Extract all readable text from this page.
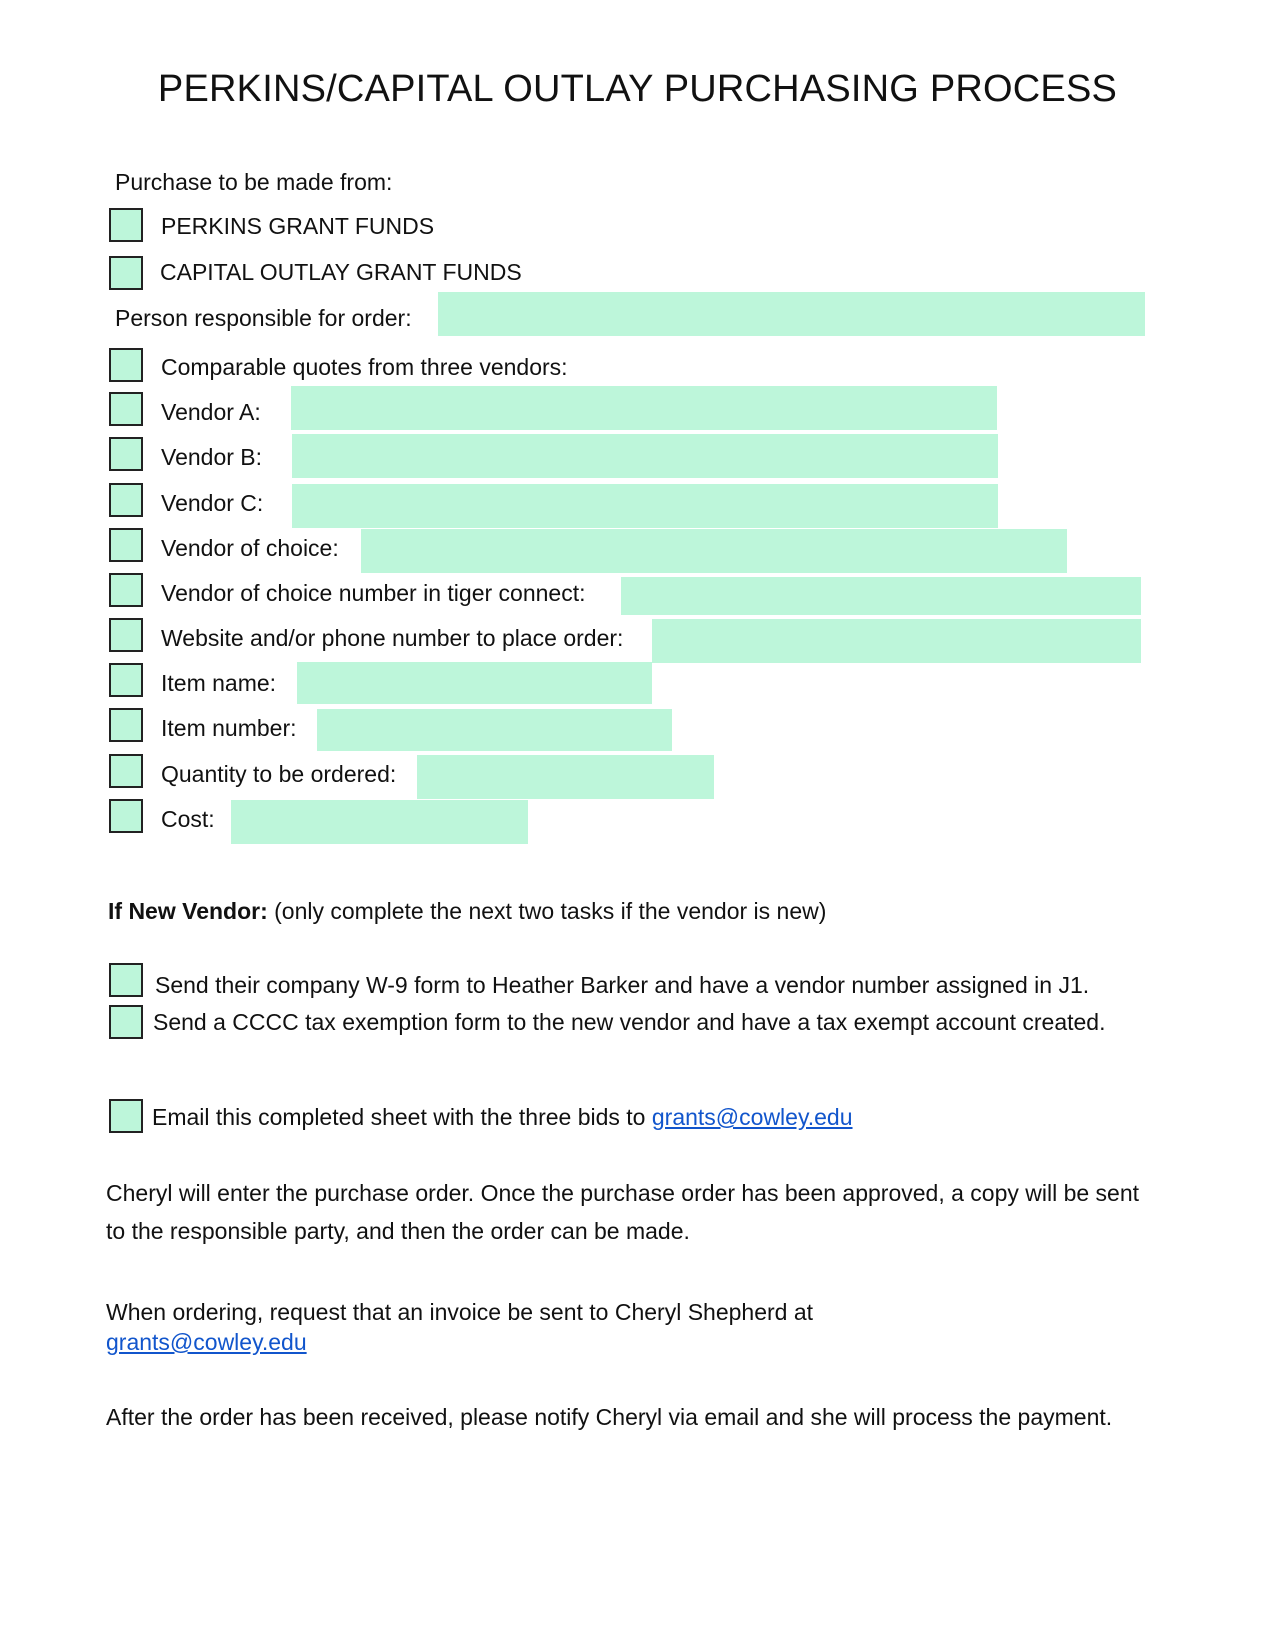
PERKINS/CAPITAL OUTLAY PURCHASING PROCESS
Purchase to be made from:
PERKINS GRANT FUNDS
CAPITAL OUTLAY GRANT FUNDS
Person responsible for order:
Comparable quotes from three vendors:
Vendor A:
Vendor B:
Vendor C:
Vendor of choice:
Vendor of choice number in tiger connect:
Website and/or phone number to place order:
Item name:
Item number:
Quantity to be ordered:
Cost:
If New Vendor: (only complete the next two tasks if the vendor is new)
Send their company W-9 form to Heather Barker and have a vendor number assigned in J1.
Send a CCCC tax exemption form to the new vendor and have a tax exempt account created.
Email this completed sheet with the three bids to grants@cowley.edu
Cheryl will enter the purchase order. Once the purchase order has been approved, a copy will be sent to the responsible party, and then the order can be made.
When ordering, request that an invoice be sent to Cheryl Shepherd at
grants@cowley.edu
After the order has been received, please notify Cheryl via email and she will process the payment.
